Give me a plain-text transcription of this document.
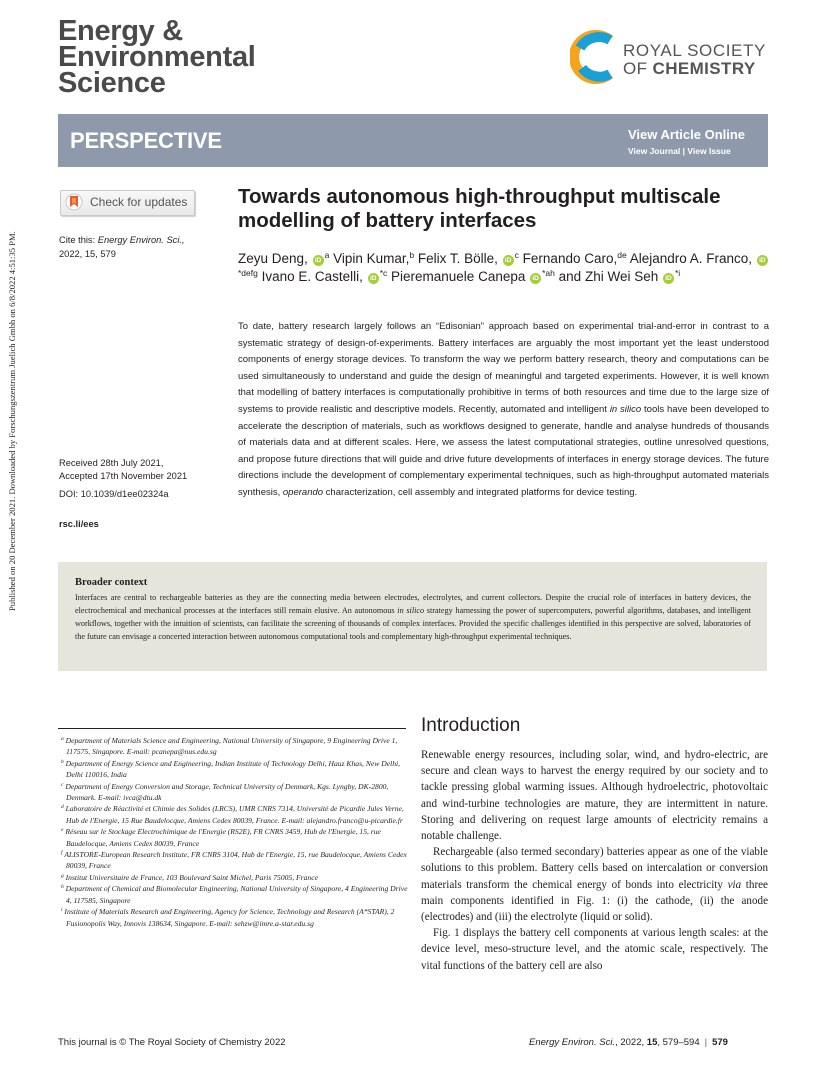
Published on 20 December 2021. Downloaded by Forschungszentrum Juelich Gmbh on 6/8/2022 4:51:35 PM.
Energy &
Environmental
Science
ROYAL SOCIETY
OF CHEMISTRY
PERSPECTIVE	View Article Online
View Journal | View Issue
Check for updates
Cite this: Energy Environ. Sci.,
2022, 15, 579
Received 28th July 2021,
Accepted 17th November 2021
DOI: 10.1039/d1ee02324a
rsc.li/ees
Towards autonomous high-throughput multiscale modelling of battery interfaces
Zeyu Deng, $iD^a$ Vipin Kumar,$^b$ Felix T. Bölle, $iD^c$ Fernando Caro,$^{de}$ Alejandro A. Franco, $iD^{*defg}$ Ivano E. Castelli, $iD^{*c}$ Pieremanuele Canepa $iD^{*ah}$ and Zhi Wei Seh $iD^{*i}$

To date, battery research largely follows an “Edisonian” approach based on experimental trial-and-error in contrast to a systematic strategy of design-of-experiments. Battery interfaces are arguably the most important yet the least understood components of energy storage devices. To transform the way we perform battery research, theory and computations can be used simultaneously to understand and guide the design of meaningful and targeted experiments. However, it is well known that modelling of battery interfaces is computationally prohibitive in terms of both resources and time due to the large size of systems to provide realistic and descriptive models. Recently, automated and intelligent in silico tools have been developed to accelerate the description of materials, such as workflows designed to generate, handle and analyse hundreds of thousands of materials data and at different scales. Here, we assess the latest computational strategies, outline unresolved questions, and propose future directions that will guide and drive future developments of interfaces in energy storage devices. The future directions include the development of complementary experimental techniques, such as high-throughput automated materials synthesis, operando characterization, cell assembly and integrated platforms for device testing.

Broader context

Interfaces are central to rechargeable batteries as they are the connecting media between electrodes, electrolytes, and current collectors. Despite the crucial role of interfaces in battery devices, the electrochemical and mechanical processes at the interfaces still remain elusive. An autonomous in silico strategy harnessing the power of supercomputers, powerful algorithms, databases, and intelligent workflows, together with the intuition of scientists, can facilitate the screening of thousands of complex interfaces. Provided the specific challenges identified in this perspective are solved, laboratories of the future can envisage a concerted interaction between autonomous computational tools and complementary high-throughput experimental techniques.

$^a$ Department of Materials Science and Engineering, National University of Singapore, 9 Engineering Drive 1, 117575, Singapore. E-mail: pcanepa@nus.edu.sg
$^b$ Department of Energy Science and Engineering, Indian Institute of Technology Delhi, Hauz Khas, New Delhi, Delhi 110016, India
$^c$ Department of Energy Conversion and Storage, Technical University of Denmark, Kgs. Lyngby, DK-2800, Denmark. E-mail: ivca@dtu.dk
$^d$ Laboratoire de Réactivité et Chimie des Solides (LRCS), UMR CNRS 7314, Université de Picardie Jules Verne, Hub de l'Energie, 15 Rue Baudelocque, Amiens Cedex 80039, France. E-mail: alejandro.franco@u-picardie.fr
$^e$ Réseau sur le Stockage Electrochimique de l'Energie (RS2E), FR CNRS 3459, Hub de l'Energie, 15, rue Baudelocque, Amiens Cedex 80039, France
$^f$ ALISTORE-European Research Institute, FR CNRS 3104, Hub de l'Energie, 15, rue Baudelocque, Amiens Cedex 80039, France
$^g$ Institut Universitaire de France, 103 Boulevard Saint Michel, Paris 75005, France
$^h$ Department of Chemical and Biomolecular Engineering, National University of Singapore, 4 Engineering Drive 4, 117585, Singapore
$^i$ Institute of Materials Research and Engineering, Agency for Science, Technology and Research (A*STAR), 2 Fusionopolis Way, Innovis 138634, Singapore. E-mail: sehzw@imre.a-star.edu.sg
Introduction

Renewable energy resources, including solar, wind, and hydro-electric, are secure and clean ways to harvest the energy required by our society and to tackle pressing global warming issues. Although hydroelectric, photovoltaic and wind-turbine technologies are mature, they are intermittent in nature. Storing and delivering on request large amounts of electricity remains a notable challenge.

Rechargeable (also termed secondary) batteries appear as one of the viable solutions to this problem. Battery cells based on intercalation or conversion materials transform the chemical energy of bonds into electricity via three main components identified in Fig. 1: (i) the cathode, (ii) the anode (electrodes) and (iii) the electrolyte (liquid or solid).

Fig. 1 displays the battery cell components at various length scales: at the device level, meso-structure level, and the atomic scale, respectively. The vital functions of the battery cell are also

This journal is © The Royal Society of Chemistry 2022	Energy Environ. Sci., 2022, 15, 579–594 | 579
